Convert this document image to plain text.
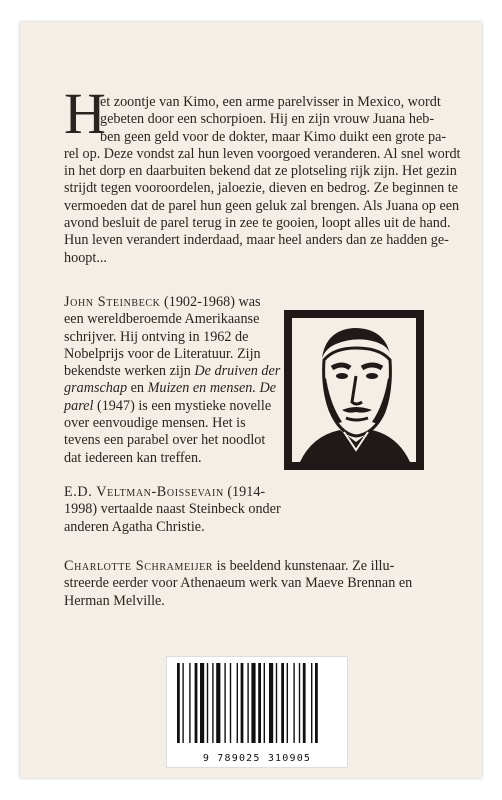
H
et zoontje van Kimo, een arme parelvisser in Mexico, wordt
gebeten door een schorpioen. Hij en zijn vrouw Juana heb-
ben geen geld voor de dokter, maar Kimo duikt een grote pa-
rel op. Deze vondst zal hun leven voorgoed veranderen. Al snel wordt
in het dorp en daarbuiten bekend dat ze plotseling rijk zijn. Het gezin
strijdt tegen vooroordelen, jaloezie, dieven en bedrog. Ze beginnen te
vermoeden dat de parel hun geen geluk zal brengen. Als Juana op een
avond besluit de parel terug in zee te gooien, loopt alles uit de hand.
Hun leven verandert inderdaad, maar heel anders dan ze hadden ge-
hoopt...
John Steinbeck (1902-1968) was
een wereldberoemde Amerikaanse
schrijver. Hij ontving in 1962 de
Nobelprijs voor de Literatuur. Zijn
bekendste werken zijn De druiven der
gramschap en Muizen en mensen. De
parel (1947) is een mystieke novelle
over eenvoudige mensen. Het is
tevens een parabel over het noodlot
dat iedereen kan treffen.
E.D. Veltman-Boissevain (1914-
1998) vertaalde naast Steinbeck onder
anderen Agatha Christie.
Charlotte Schrameijer is beeldend kunstenaar. Ze illu-
streerde eerder voor Athenaeum werk van Maeve Brennan en
Herman Melville.
9 789025 310905
